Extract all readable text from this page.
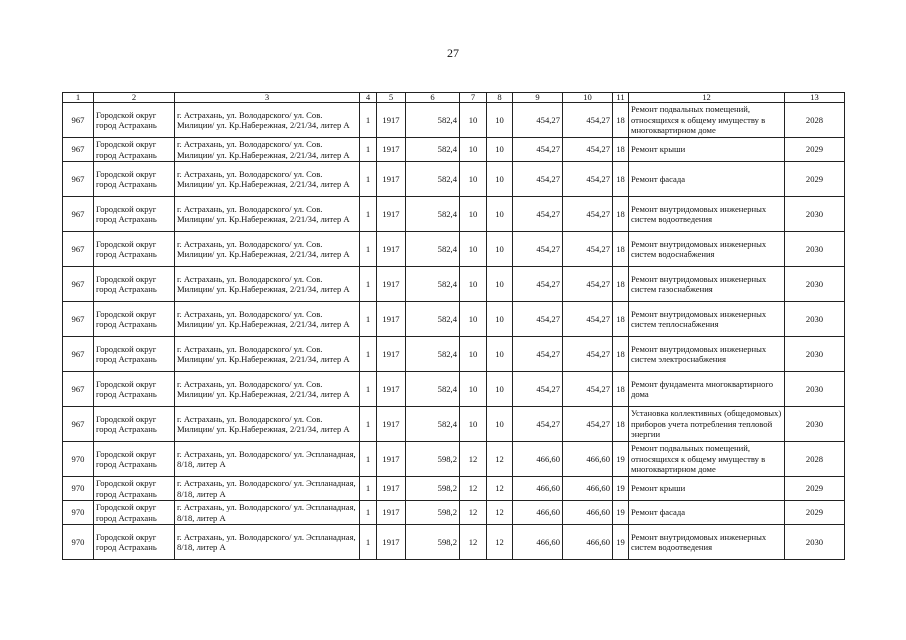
27
1	2	3	4	5	6	7	8	9	10	11	12	13
967	Городской округ город Астрахань	г. Астрахань, ул. Володарского/ ул. Сов. Милиции/ ул. Кр.Набережная, 2/21/34, литер А	1	1917	582,4	10	10	454,27	454,27	18	Ремонт подвальных помещений, относящихся к общему имуществу в многоквартирном доме	2028
967	Городской округ город Астрахань	г. Астрахань, ул. Володарского/ ул. Сов. Милиции/ ул. Кр.Набережная, 2/21/34, литер А	1	1917	582,4	10	10	454,27	454,27	18	Ремонт крыши	2029
967	Городской округ город Астрахань	г. Астрахань, ул. Володарского/ ул. Сов. Милиции/ ул. Кр.Набережная, 2/21/34, литер А	1	1917	582,4	10	10	454,27	454,27	18	Ремонт фасада	2029
967	Городской округ город Астрахань	г. Астрахань, ул. Володарского/ ул. Сов. Милиции/ ул. Кр.Набережная, 2/21/34, литер А	1	1917	582,4	10	10	454,27	454,27	18	Ремонт внутридомовых инженерных систем водоотведения	2030
967	Городской округ город Астрахань	г. Астрахань, ул. Володарского/ ул. Сов. Милиции/ ул. Кр.Набережная, 2/21/34, литер А	1	1917	582,4	10	10	454,27	454,27	18	Ремонт внутридомовых инженерных систем водоснабжения	2030
967	Городской округ город Астрахань	г. Астрахань, ул. Володарского/ ул. Сов. Милиции/ ул. Кр.Набережная, 2/21/34, литер А	1	1917	582,4	10	10	454,27	454,27	18	Ремонт внутридомовых инженерных систем газоснабжения	2030
967	Городской округ город Астрахань	г. Астрахань, ул. Володарского/ ул. Сов. Милиции/ ул. Кр.Набережная, 2/21/34, литер А	1	1917	582,4	10	10	454,27	454,27	18	Ремонт внутридомовых инженерных систем теплоснабжения	2030
967	Городской округ город Астрахань	г. Астрахань, ул. Володарского/ ул. Сов. Милиции/ ул. Кр.Набережная, 2/21/34, литер А	1	1917	582,4	10	10	454,27	454,27	18	Ремонт внутридомовых инженерных систем электроснабжения	2030
967	Городской округ город Астрахань	г. Астрахань, ул. Володарского/ ул. Сов. Милиции/ ул. Кр.Набережная, 2/21/34, литер А	1	1917	582,4	10	10	454,27	454,27	18	Ремонт фундамента многоквартирного дома	2030
967	Городской округ город Астрахань	г. Астрахань, ул. Володарского/ ул. Сов. Милиции/ ул. Кр.Набережная, 2/21/34, литер А	1	1917	582,4	10	10	454,27	454,27	18	Установка коллективных (общедомовых) приборов учета потребления тепловой энергии	2030
970	Городской округ город Астрахань	г. Астрахань, ул. Володарского/ ул. Эспланадная, 8/18, литер А	1	1917	598,2	12	12	466,60	466,60	19	Ремонт подвальных помещений, относящихся к общему имуществу в многоквартирном доме	2028
970	Городской округ город Астрахань	г. Астрахань, ул. Володарского/ ул. Эспланадная, 8/18, литер А	1	1917	598,2	12	12	466,60	466,60	19	Ремонт крыши	2029
970	Городской округ город Астрахань	г. Астрахань, ул. Володарского/ ул. Эспланадная, 8/18, литер А	1	1917	598,2	12	12	466,60	466,60	19	Ремонт фасада	2029
970	Городской округ город Астрахань	г. Астрахань, ул. Володарского/ ул. Эспланадная, 8/18, литер А	1	1917	598,2	12	12	466,60	466,60	19	Ремонт внутридомовых инженерных систем водоотведения	2030
